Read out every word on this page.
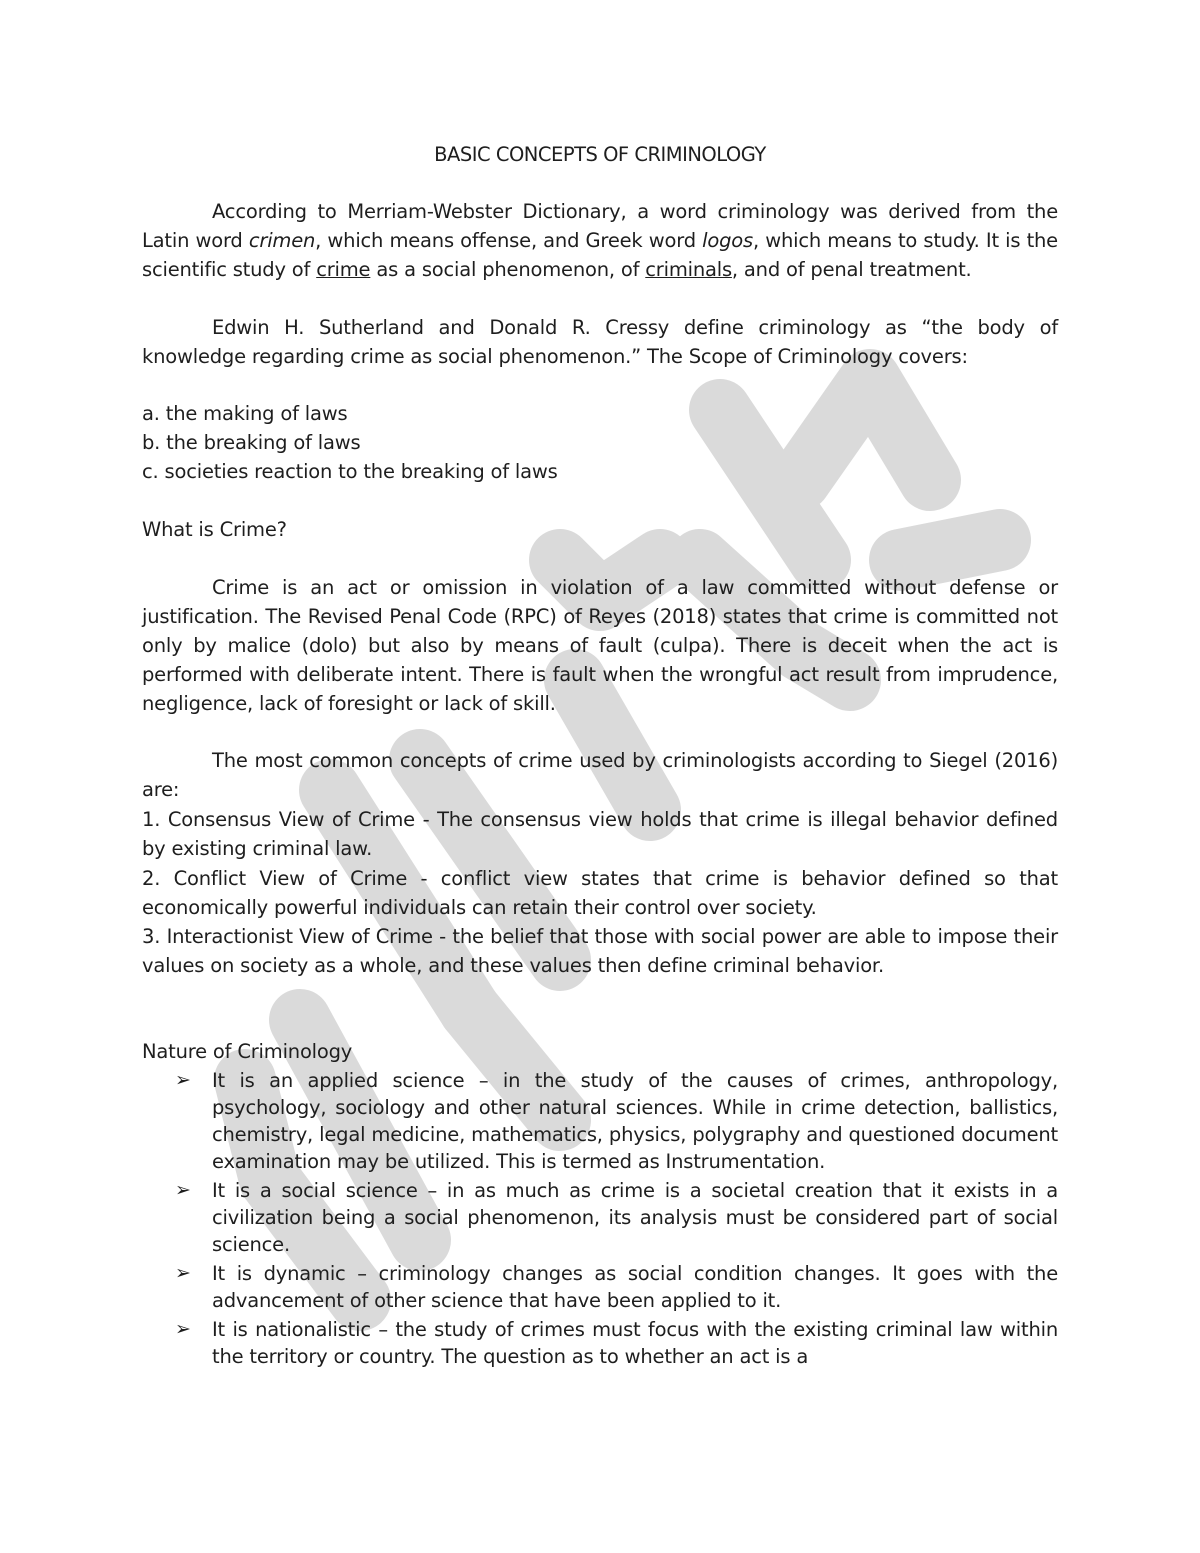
BASIC CONCEPTS OF CRIMINOLOGY

According to Merriam-Webster Dictionary, a word criminology was derived from the Latin word crimen, which means offense, and Greek word logos, which means to study. It is the scientific study of crime as a social phenomenon, of criminals, and of penal treatment.

Edwin H. Sutherland and Donald R. Cressy define criminology as “the body of knowledge regarding crime as social phenomenon.” The Scope of Criminology covers:

a. the making of laws

b. the breaking of laws

c. societies reaction to the breaking of laws

What is Crime?

Crime is an act or omission in violation of a law committed without defense or justification. The Revised Penal Code (RPC) of Reyes (2018) states that crime is committed not only by malice (dolo) but also by means of fault (culpa). There is deceit when the act is performed with deliberate intent. There is fault when the wrongful act result from imprudence, negligence, lack of foresight or lack of skill.

The most common concepts of crime used by criminologists according to Siegel (2016) are:

1. Consensus View of Crime - The consensus view holds that crime is illegal behavior defined by existing criminal law.

2. Conflict View of Crime - conflict view states that crime is behavior defined so that economically powerful individuals can retain their control over society.

3. Interactionist View of Crime - the belief that those with social power are able to impose their values on society as a whole, and these values then define criminal behavior.

Nature of Criminology

➢ It is an applied science – in the study of the causes of crimes, anthropology, psychology, sociology and other natural sciences. While in crime detection, ballistics, chemistry, legal medicine, mathematics, physics, polygraphy and questioned document examination may be utilized. This is termed as Instrumentation.
➢ It is a social science – in as much as crime is a societal creation that it exists in a civilization being a social phenomenon, its analysis must be considered part of social science.
➢ It is dynamic – criminology changes as social condition changes. It goes with the advancement of other science that have been applied to it.
➢ It is nationalistic – the study of crimes must focus with the existing criminal law within the territory or country. The question as to whether an act is a
